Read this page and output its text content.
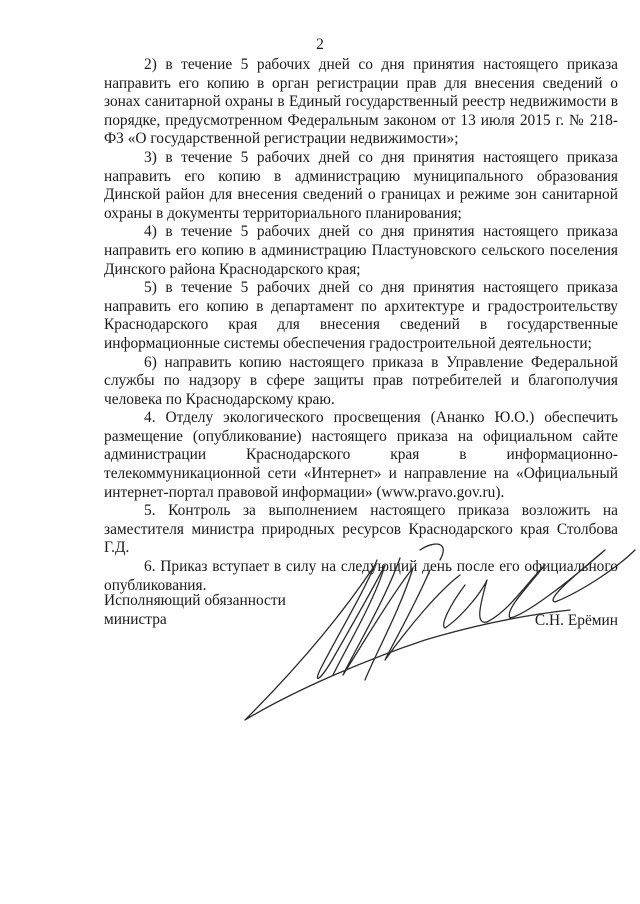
2

2) в течение 5 рабочих дней со дня принятия настоящего приказа направить его копию в орган регистрации прав для внесения сведений о зонах санитарной охраны в Единый государственный реестр недвижимости в порядке, предусмотренном Федеральным законом от 13 июля 2015 г. № 218-ФЗ «О государственной регистрации недвижимости»;

3) в течение 5 рабочих дней со дня принятия настоящего приказа направить его копию в администрацию муниципального образования Динской район для внесения сведений о границах и режиме зон санитарной охраны в документы территориального планирования;

4) в течение 5 рабочих дней со дня принятия настоящего приказа направить его копию в администрацию Пластуновского сельского поселения Динского района Краснодарского края;

5) в течение 5 рабочих дней со дня принятия настоящего приказа направить его копию в департамент по архитектуре и градостроительству Краснодарского края для внесения сведений в государственные информационные системы обеспечения градостроительной деятельности;

6) направить копию настоящего приказа в Управление Федеральной службы по надзору в сфере защиты прав потребителей и благополучия человека по Краснодарскому краю.

4. Отделу экологического просвещения (Ананко Ю.О.) обеспечить размещение (опубликование) настоящего приказа на официальном сайте администрации Краснодарского края в информационно-телекоммуникационной сети «Интернет» и направление на «Официальный интернет-портал правовой информации» (www.pravo.gov.ru).

5. Контроль за выполнением настоящего приказа возложить на заместителя министра природных ресурсов Краснодарского края Столбова Г.Д.

6. Приказ вступает в силу на следующий день после его официального опубликования.

Исполняющий обязанности
министра	С.Н. Ерёмин
